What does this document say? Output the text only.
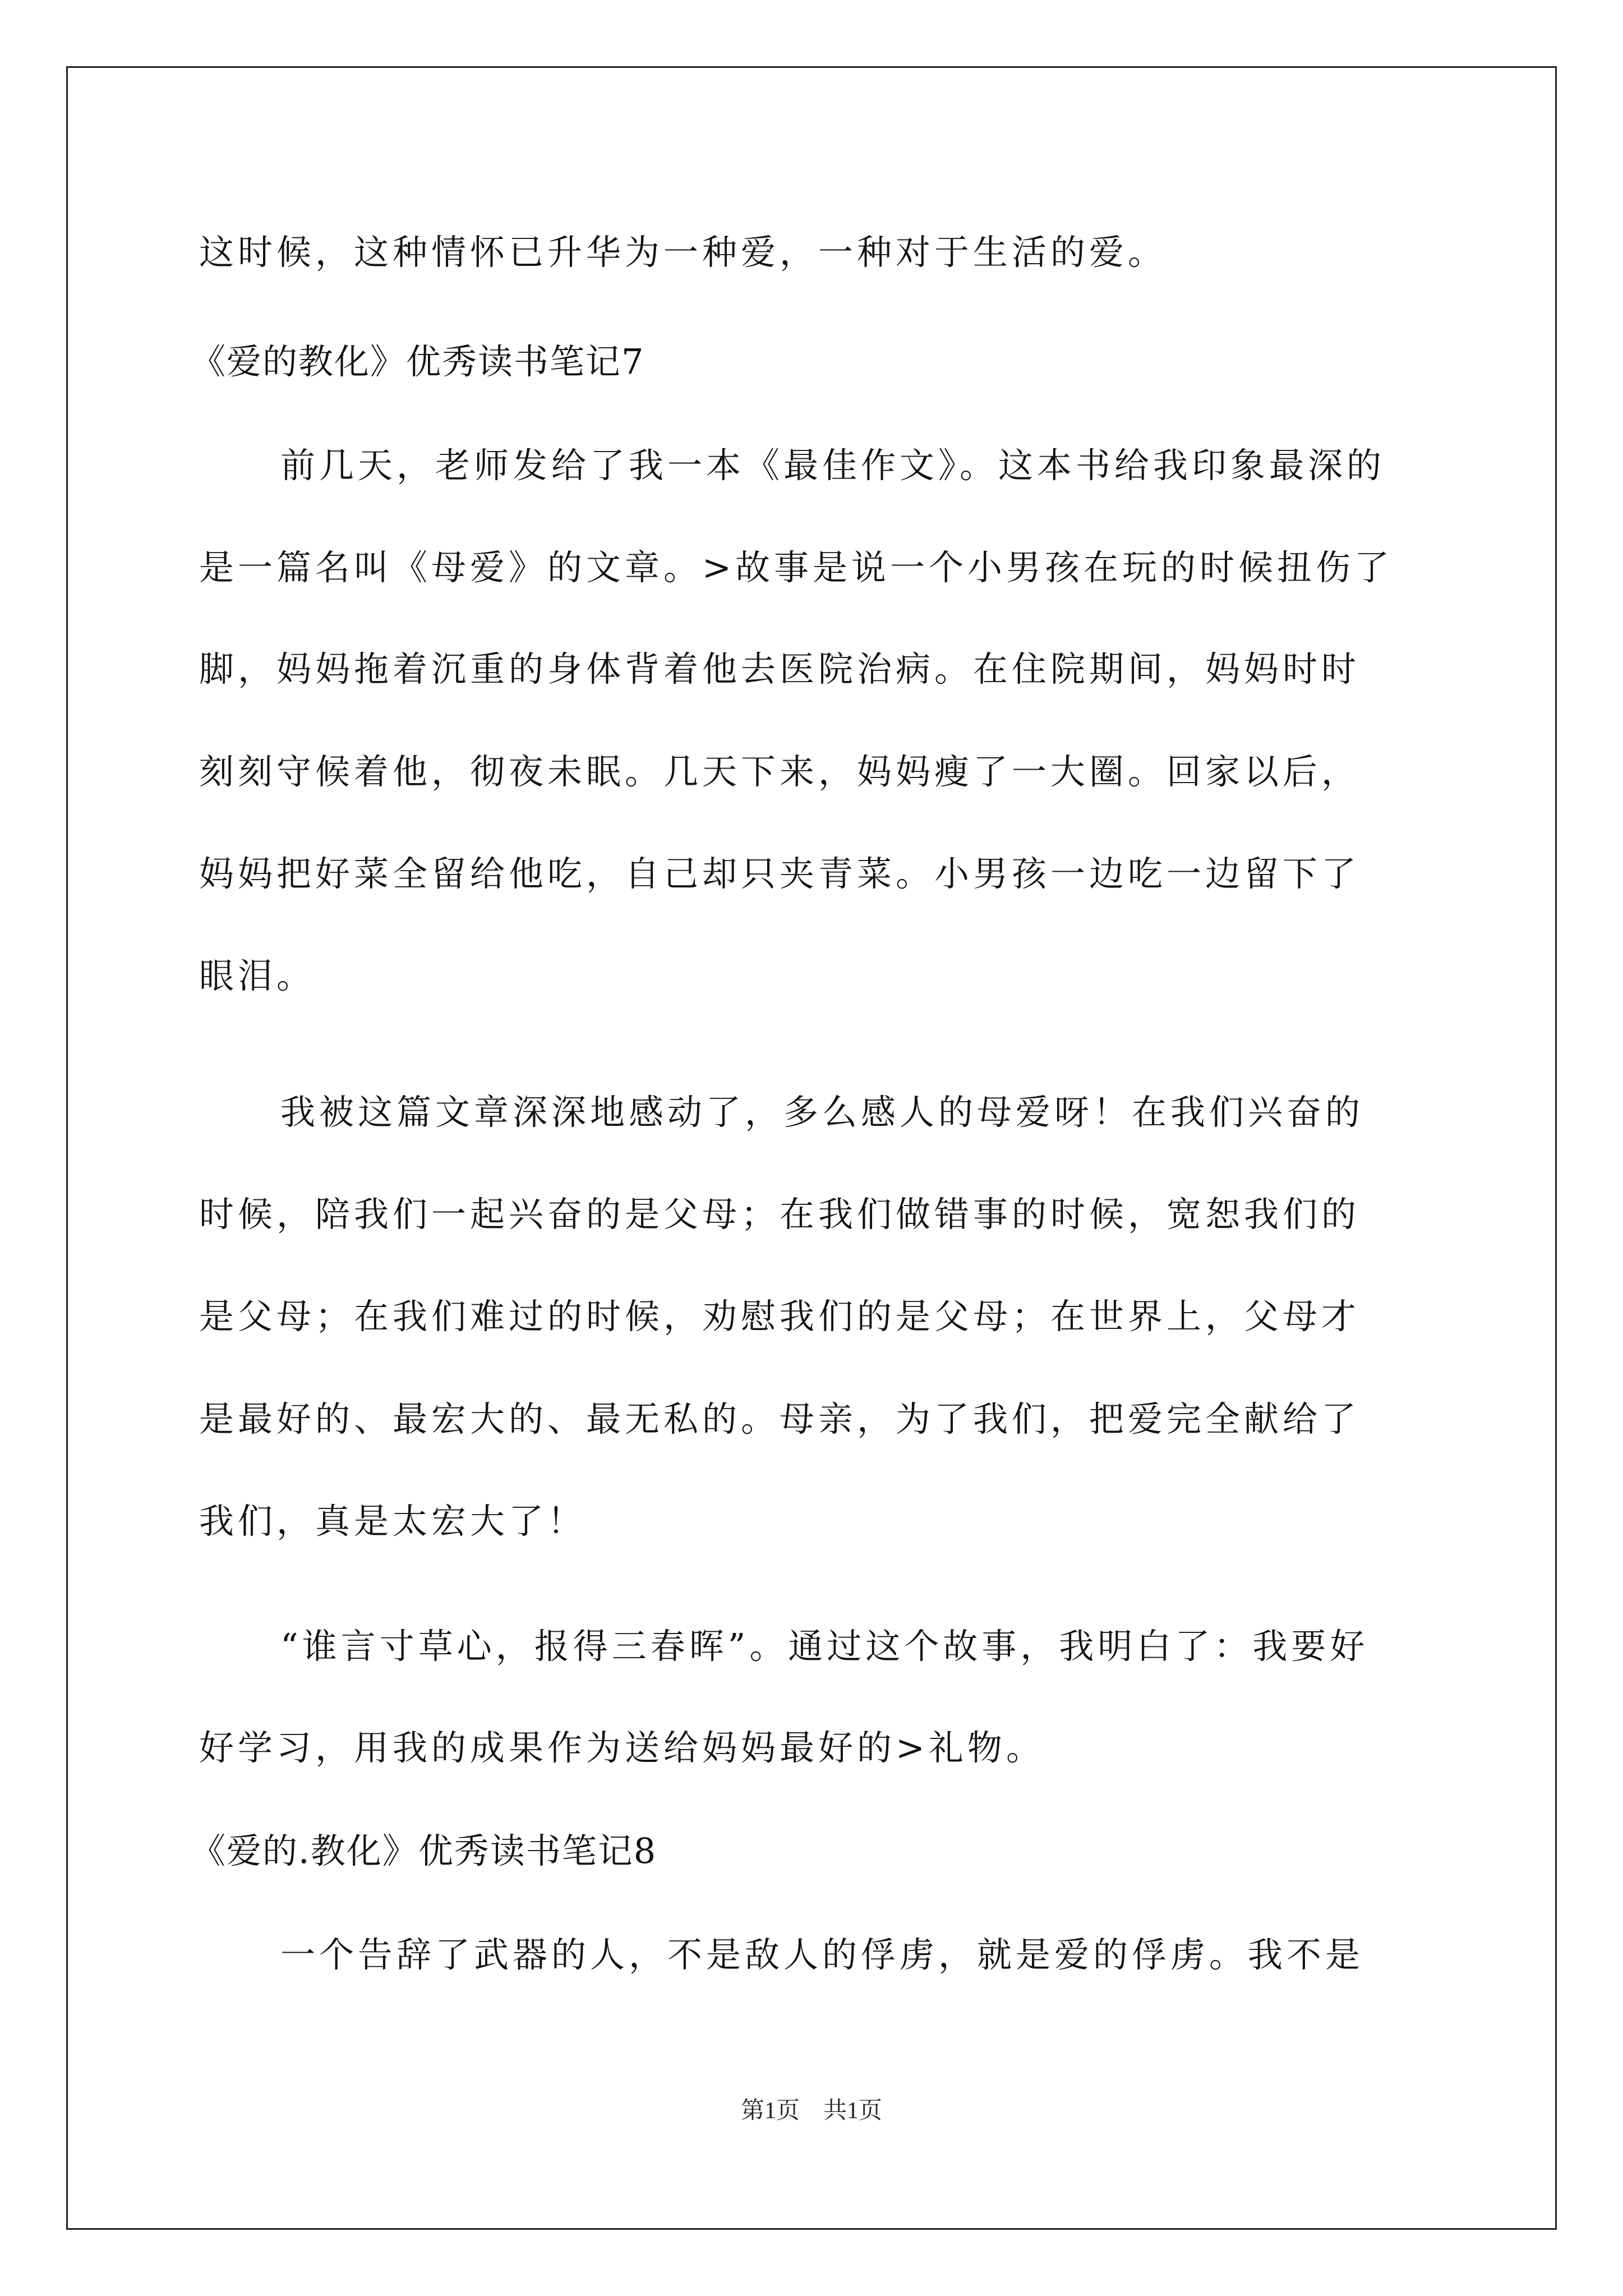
这时候，这种情怀已升华为一种爱，一种对于生活的爱。
《爱的教化》优秀读书笔记7
前几天，老师发给了我一本《最佳作文》。这本书给我印象最深的
是一篇名叫《母爱》的文章。>故事是说一个小男孩在玩的时候扭伤了
脚，妈妈拖着沉重的身体背着他去医院治病。在住院期间，妈妈时时
刻刻守候着他，彻夜未眠。几天下来，妈妈瘦了一大圈。回家以后，
妈妈把好菜全留给他吃，自己却只夹青菜。小男孩一边吃一边留下了
眼泪。
我被这篇文章深深地感动了，多么感人的母爱呀！在我们兴奋的
时候，陪我们一起兴奋的是父母；在我们做错事的时候，宽恕我们的
是父母；在我们难过的时候，劝慰我们的是父母；在世界上，父母才
是最好的、最宏大的、最无私的。母亲，为了我们，把爱完全献给了
我们，真是太宏大了！
“谁言寸草心，报得三春晖”。通过这个故事，我明白了：我要好
好学习，用我的成果作为送给妈妈最好的>礼物。
《爱的.教化》优秀读书笔记8
一个告辞了武器的人，不是敌人的俘虏，就是爱的俘虏。我不是
第1页　共1页
